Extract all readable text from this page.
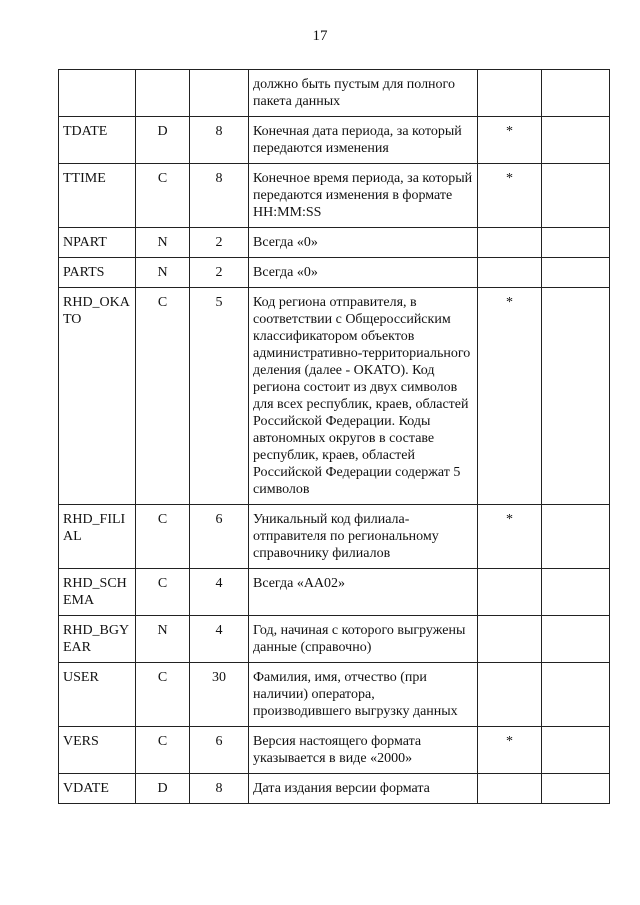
17
			должно быть пустым для полного пакета данных		
TDATE	D	8	Конечная дата периода, за который передаются изменения	*	
TTIME	C	8	Конечное время периода, за который передаются изменения в формате HH:MM:SS	*	
NPART	N	2	Всегда «0»		
PARTS	N	2	Всегда «0»		
RHD_OKATO	C	5	Код региона отправителя, в соответствии с Общероссийским классификатором объектов административно-территориального деления (далее - ОКАТО). Код региона состоит из двух символов для всех республик, краев, областей Российской Федерации. Коды автономных округов в составе республик, краев, областей Российской Федерации содержат 5 символов	*	
RHD_FILIAL	C	6	Уникальный код филиала-отправителя по региональному справочнику филиалов	*	
RHD_SCHEMA	C	4	Всегда «AA02»		
RHD_BGYEAR	N	4	Год, начиная с которого выгружены данные (справочно)		
USER	C	30	Фамилия, имя, отчество (при наличии) оператора, производившего выгрузку данных		
VERS	C	6	Версия настоящего формата указывается в виде «2000»	*	
VDATE	D	8	Дата издания версии формата		
